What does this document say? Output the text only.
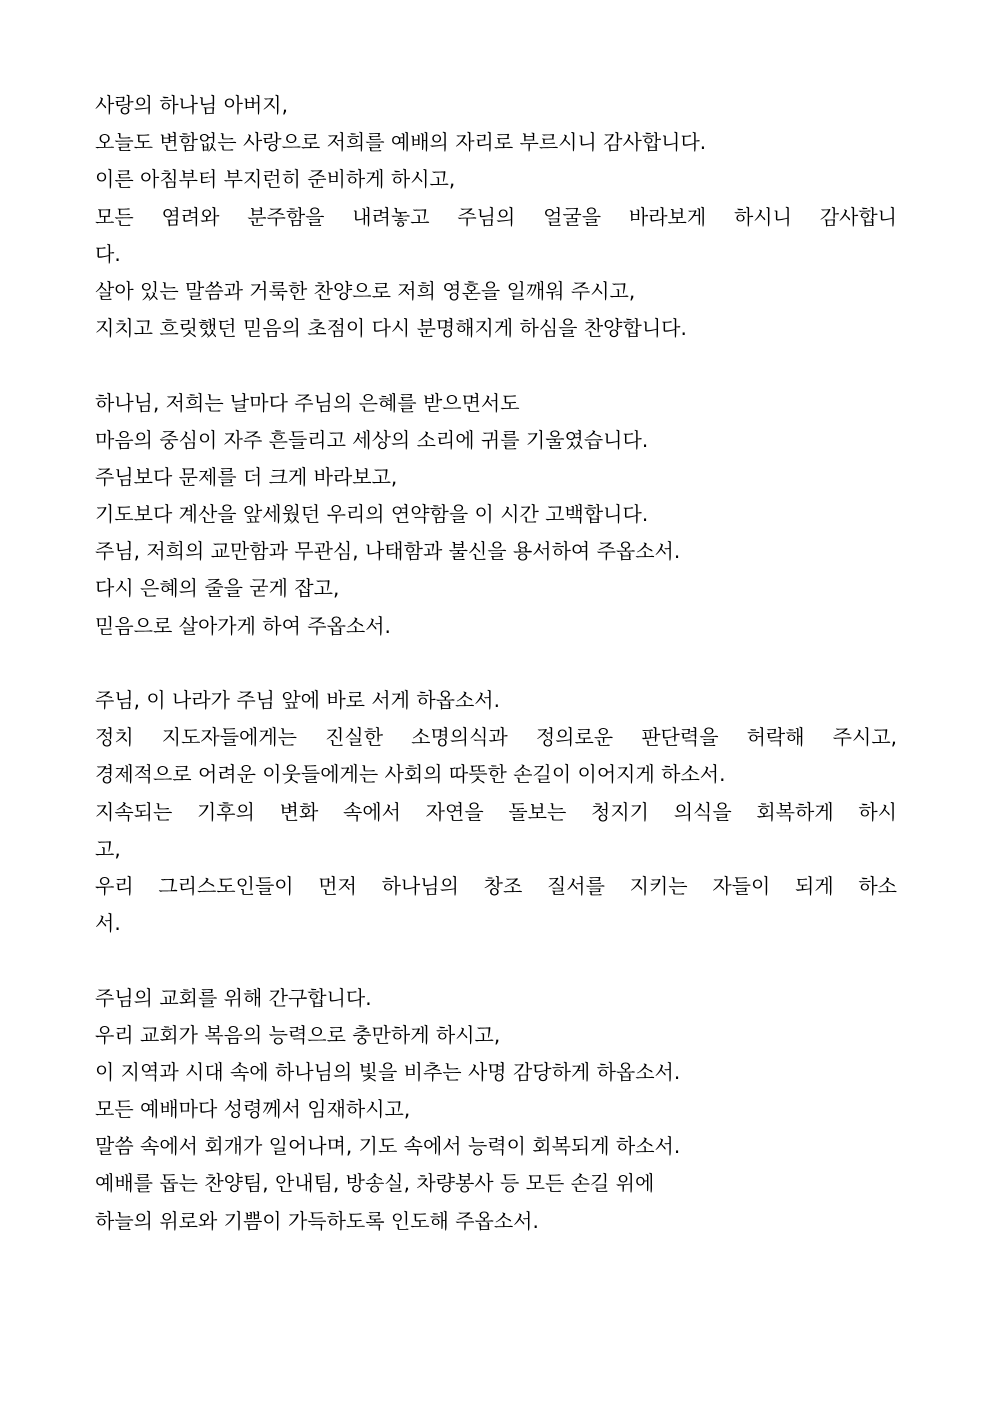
사랑의 하나님 아버지,
오늘도 변함없는 사랑으로 저희를 예배의 자리로 부르시니 감사합니다.
이른 아침부터 부지런히 준비하게 하시고,
모든 염려와 분주함을 내려놓고 주님의 얼굴을 바라보게 하시니 감사합니
다.
살아 있는 말씀과 거룩한 찬양으로 저희 영혼을 일깨워 주시고,
지치고 흐릿했던 믿음의 초점이 다시 분명해지게 하심을 찬양합니다.
하나님, 저희는 날마다 주님의 은혜를 받으면서도
마음의 중심이 자주 흔들리고 세상의 소리에 귀를 기울였습니다.
주님보다 문제를 더 크게 바라보고,
기도보다 계산을 앞세웠던 우리의 연약함을 이 시간 고백합니다.
주님, 저희의 교만함과 무관심, 나태함과 불신을 용서하여 주옵소서.
다시 은혜의 줄을 굳게 잡고,
믿음으로 살아가게 하여 주옵소서.
주님, 이 나라가 주님 앞에 바로 서게 하옵소서.
정치 지도자들에게는 진실한 소명의식과 정의로운 판단력을 허락해 주시고,
경제적으로 어려운 이웃들에게는 사회의 따뜻한 손길이 이어지게 하소서.
지속되는 기후의 변화 속에서 자연을 돌보는 청지기 의식을 회복하게 하시
고,
우리 그리스도인들이 먼저 하나님의 창조 질서를 지키는 자들이 되게 하소
서.
주님의 교회를 위해 간구합니다.
우리 교회가 복음의 능력으로 충만하게 하시고,
이 지역과 시대 속에 하나님의 빛을 비추는 사명 감당하게 하옵소서.
모든 예배마다 성령께서 임재하시고,
말씀 속에서 회개가 일어나며, 기도 속에서 능력이 회복되게 하소서.
예배를 돕는 찬양팀, 안내팀, 방송실, 차량봉사 등 모든 손길 위에
하늘의 위로와 기쁨이 가득하도록 인도해 주옵소서.
